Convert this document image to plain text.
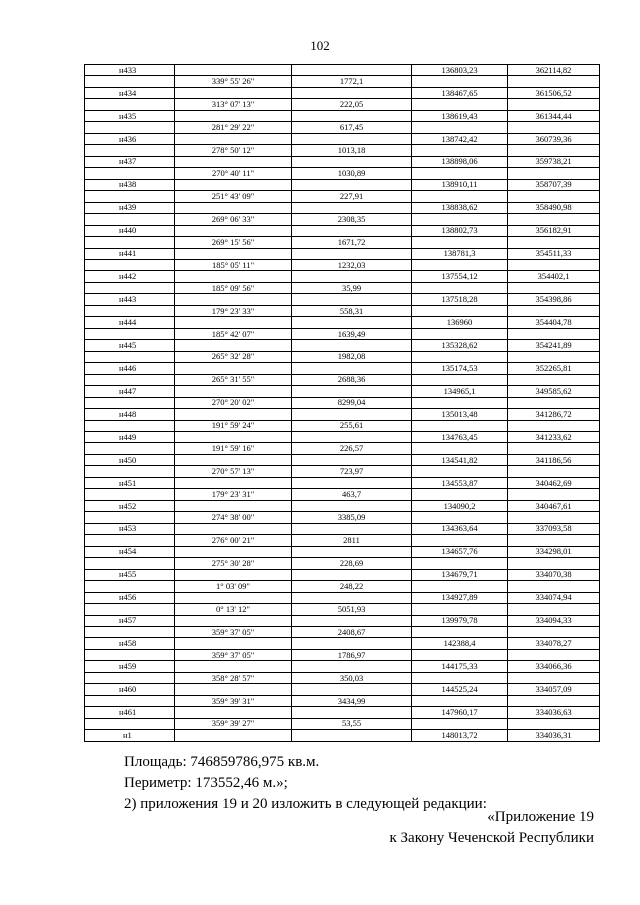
102
н433			136803,23	362114,82
	339° 55' 26"	1772,1		
н434			138467,65	361506,52
	313° 07' 13"	222,05		
н435			138619,43	361344,44
	281° 29' 22"	617,45		
н436			138742,42	360739,36
	278° 50' 12"	1013,18		
н437			138898,06	359738,21
	270° 40' 11"	1030,89		
н438			138910,11	358707,39
	251° 43' 09"	227,91		
н439			138838,62	358490,98
	269° 06' 33"	2308,35		
н440			138802,73	356182,91
	269° 15' 56"	1671,72		
н441			138781,3	354511,33
	185° 05' 11"	1232,03		
н442			137554,12	354402,1
	185° 09' 56"	35,99		
н443			137518,28	354398,86
	179° 23' 33"	558,31		
н444			136960	354404,78
	185° 42' 07"	1639,49		
н445			135328,62	354241,89
	265° 32' 28"	1982,08		
н446			135174,53	352265,81
	265° 31' 55"	2688,36		
н447			134965,1	349585,62
	270° 20' 02"	8299,04		
н448			135013,48	341286,72
	191° 59' 24"	255,61		
н449			134763,45	341233,62
	191° 59' 16"	226,57		
н450			134541,82	341186,56
	270° 57' 13"	723,97		
н451			134553,87	340462,69
	179° 23' 31"	463,7		
н452			134090,2	340467,61
	274° 38' 00"	3385,09		
н453			134363,64	337093,58
	276° 00' 21"	2811		
н454			134657,76	334298,01
	275° 30' 28"	228,69		
н455			134679,71	334070,38
	1° 03' 09"	248,22		
н456			134927,89	334074,94
	0° 13' 12"	5051,93		
н457			139979,78	334094,33
	359° 37' 05"	2408,67		
н458			142388,4	334078,27
	359° 37' 05"	1786,97		
н459			144175,33	334066,36
	358° 28' 57"	350,03		
н460			144525,24	334057,09
	359° 39' 31"	3434,99		
н461			147960,17	334036,63
	359° 39' 27"	53,55		
н1			148013,72	334036,31
Площадь: 746859786,975 кв.м.
Периметр: 173552,46 м.»;
2) приложения 19 и 20 изложить в следующей редакции:
«Приложение 19
к Закону Чеченской Республики
